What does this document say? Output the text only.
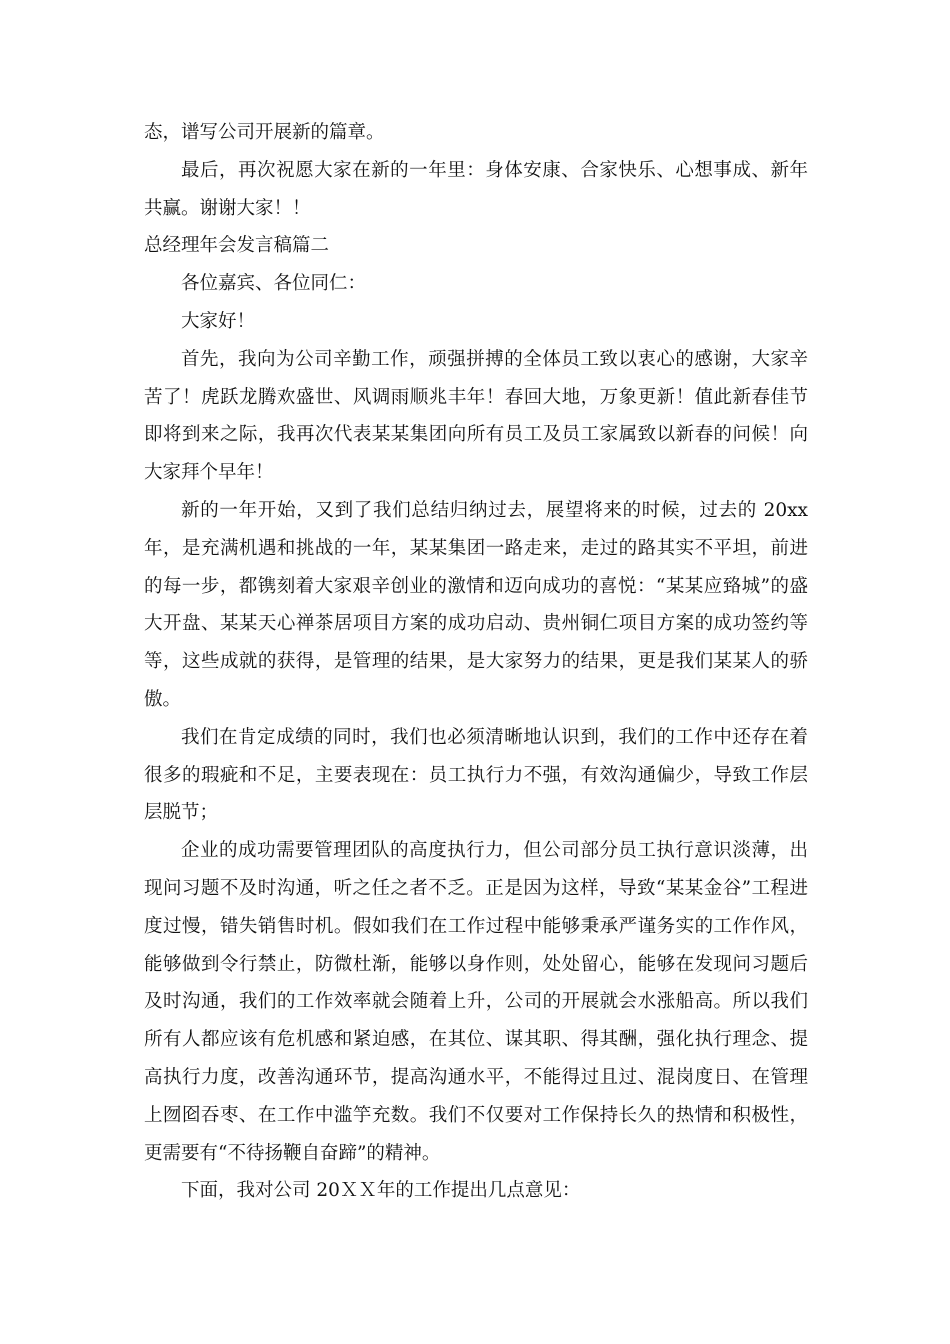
态，谱写公司开展新的篇章。

最后，再次祝愿大家在新的一年里：身体安康、合家快乐、心想事成、新年共赢。谢谢大家！！

总经理年会发言稿篇二

各位嘉宾、各位同仁：

大家好！

首先，我向为公司辛勤工作，顽强拼搏的全体员工致以衷心的感谢，大家辛苦了！虎跃龙腾欢盛世、风调雨顺兆丰年！春回大地，万象更新！值此新春佳节即将到来之际，我再次代表某某集团向所有员工及员工家属致以新春的问候！向大家拜个早年！

新的一年开始，又到了我们总结归纳过去，展望将来的时候，过去的 20xx 年，是充满机遇和挑战的一年，某某集团一路走来，走过的路其实不平坦，前进的每一步，都镌刻着大家艰辛创业的激情和迈向成功的喜悦：“某某应臵城”的盛大开盘、某某天心禅茶居项目方案的成功启动、贵州铜仁项目方案的成功签约等等，这些成就的获得，是管理的结果，是大家努力的结果，更是我们某某人的骄傲。

我们在肯定成绩的同时，我们也必须清晰地认识到，我们的工作中还存在着很多的瑕疵和不足，主要表现在：员工执行力不强，有效沟通偏少，导致工作层层脱节；

企业的成功需要管理团队的高度执行力，但公司部分员工执行意识淡薄，出现问习题不及时沟通，听之任之者不乏。正是因为这样，导致“某某金谷”工程进度过慢，错失销售时机。假如我们在工作过程中能够秉承严谨务实的工作作风，能够做到令行禁止，防微杜渐，能够以身作则，处处留心，能够在发现问习题后及时沟通，我们的工作效率就会随着上升，公司的开展就会水涨船高。所以我们所有人都应该有危机感和紧迫感，在其位、谋其职、得其酬，强化执行理念、提高执行力度，改善沟通环节，提高沟通水平，不能得过且过、混岗度日、在管理上囫囵吞枣、在工作中滥竽充数。我们不仅要对工作保持长久的热情和积极性，更需要有“不待扬鞭自奋蹄”的精神。

下面，我对公司 20ＸＸ年的工作提出几点意见：
